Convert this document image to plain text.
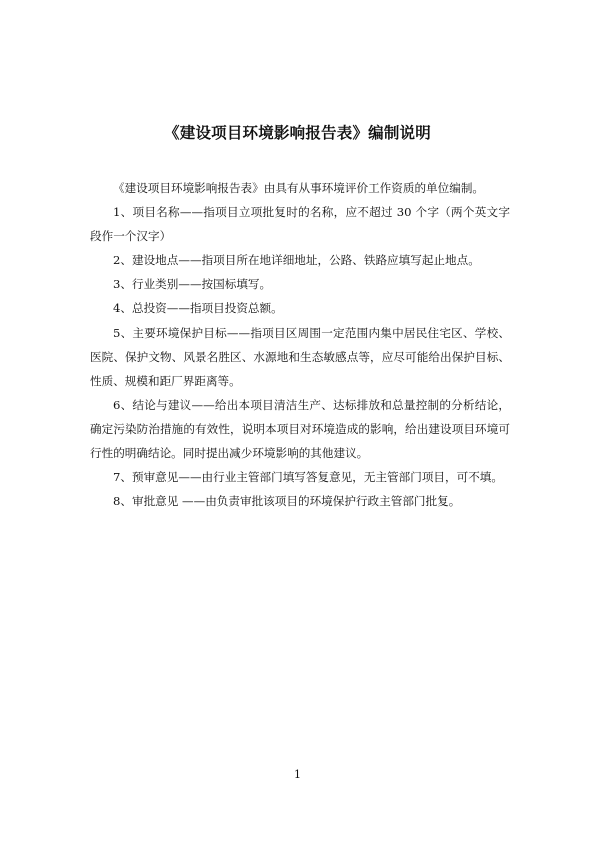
《建设项目环境影响报告表》编制说明

《建设项目环境影响报告表》由具有从事环境评价工作资质的单位编制。

1、项目名称——指项目立项批复时的名称，应不超过 30 个字（两个英文字段作一个汉字）

2、建设地点——指项目所在地详细地址，公路、铁路应填写起止地点。

3、行业类别——按国标填写。

4、总投资——指项目投资总额。

5、主要环境保护目标——指项目区周围一定范围内集中居民住宅区、学校、医院、保护文物、风景名胜区、水源地和生态敏感点等，应尽可能给出保护目标、性质、规模和距厂界距离等。

6、结论与建议——给出本项目清洁生产、达标排放和总量控制的分析结论，确定污染防治措施的有效性，说明本项目对环境造成的影响，给出建设项目环境可行性的明确结论。同时提出减少环境影响的其他建议。

7、预审意见——由行业主管部门填写答复意见，无主管部门项目，可不填。

8、审批意见 ——由负责审批该项目的环境保护行政主管部门批复。

1
